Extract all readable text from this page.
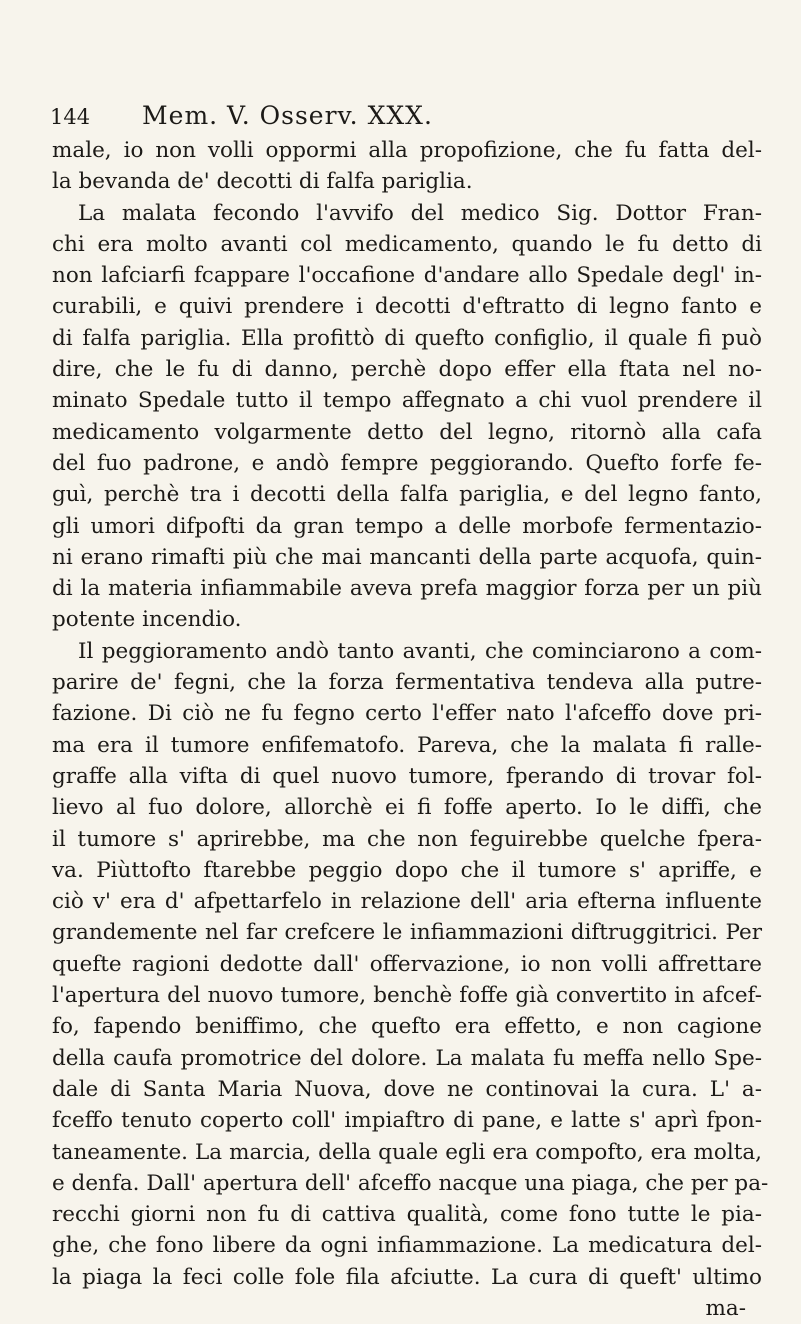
144 Mem. V. Osserv. XXX.
male, io non volli oppormi alla propofizione, che fu fatta del-
la bevanda de' decotti di falfa pariglia.
La malata fecondo l'avvifo del medico Sig. Dottor Fran-
chi era molto avanti col medicamento, quando le fu detto di
non lafciarfi fcappare l'occafione d'andare allo Spedale degl' in-
curabili, e quivi prendere i decotti d'eftratto di legno fanto e
di falfa pariglia. Ella profittò di quefto configlio, il quale fi può
dire, che le fu di danno, perchè dopo effer ella ftata nel no-
minato Spedale tutto il tempo affegnato a chi vuol prendere il
medicamento volgarmente detto del legno, ritornò alla cafa
del fuo padrone, e andò fempre peggiorando. Quefto forfe fe-
guì, perchè tra i decotti della falfa pariglia, e del legno fanto,
gli umori difpofti da gran tempo a delle morbofe fermentazio-
ni erano rimafti più che mai mancanti della parte acquofa, quin-
di la materia infiammabile aveva prefa maggior forza per un più
potente incendio.
Il peggioramento andò tanto avanti, che cominciarono a com-
parire de' fegni, che la forza fermentativa tendeva alla putre-
fazione. Di ciò ne fu fegno certo l'effer nato l'afceffo dove pri-
ma era il tumore enfifematofo. Pareva, che la malata fi ralle-
graffe alla vifta di quel nuovo tumore, fperando di trovar fol-
lievo al fuo dolore, allorchè ei fi foffe aperto. Io le diffi, che
il tumore s' aprirebbe, ma che non feguirebbe quelche fpera-
va. Piùttofto ftarebbe peggio dopo che il tumore s' apriffe, e
ciò v' era d' afpettarfelo in relazione dell' aria efterna influente
grandemente nel far crefcere le infiammazioni diftruggitrici. Per
quefte ragioni dedotte dall' offervazione, io non volli affrettare
l'apertura del nuovo tumore, benchè foffe già convertito in afcef-
fo, fapendo beniffimo, che quefto era effetto, e non cagione
della caufa promotrice del dolore. La malata fu meffa nello Spe-
dale di Santa Maria Nuova, dove ne continovai la cura. L' a-
fceffo tenuto coperto coll' impiaftro di pane, e latte s' aprì fpon-
taneamente. La marcia, della quale egli era compofto, era molta,
e denfa. Dall' apertura dell' afceffo nacque una piaga, che per pa-
recchi giorni non fu di cattiva qualità, come fono tutte le pia-
ghe, che fono libere da ogni infiammazione. La medicatura del-
la piaga la feci colle fole fila afciutte. La cura di queft' ultimo
ma-
